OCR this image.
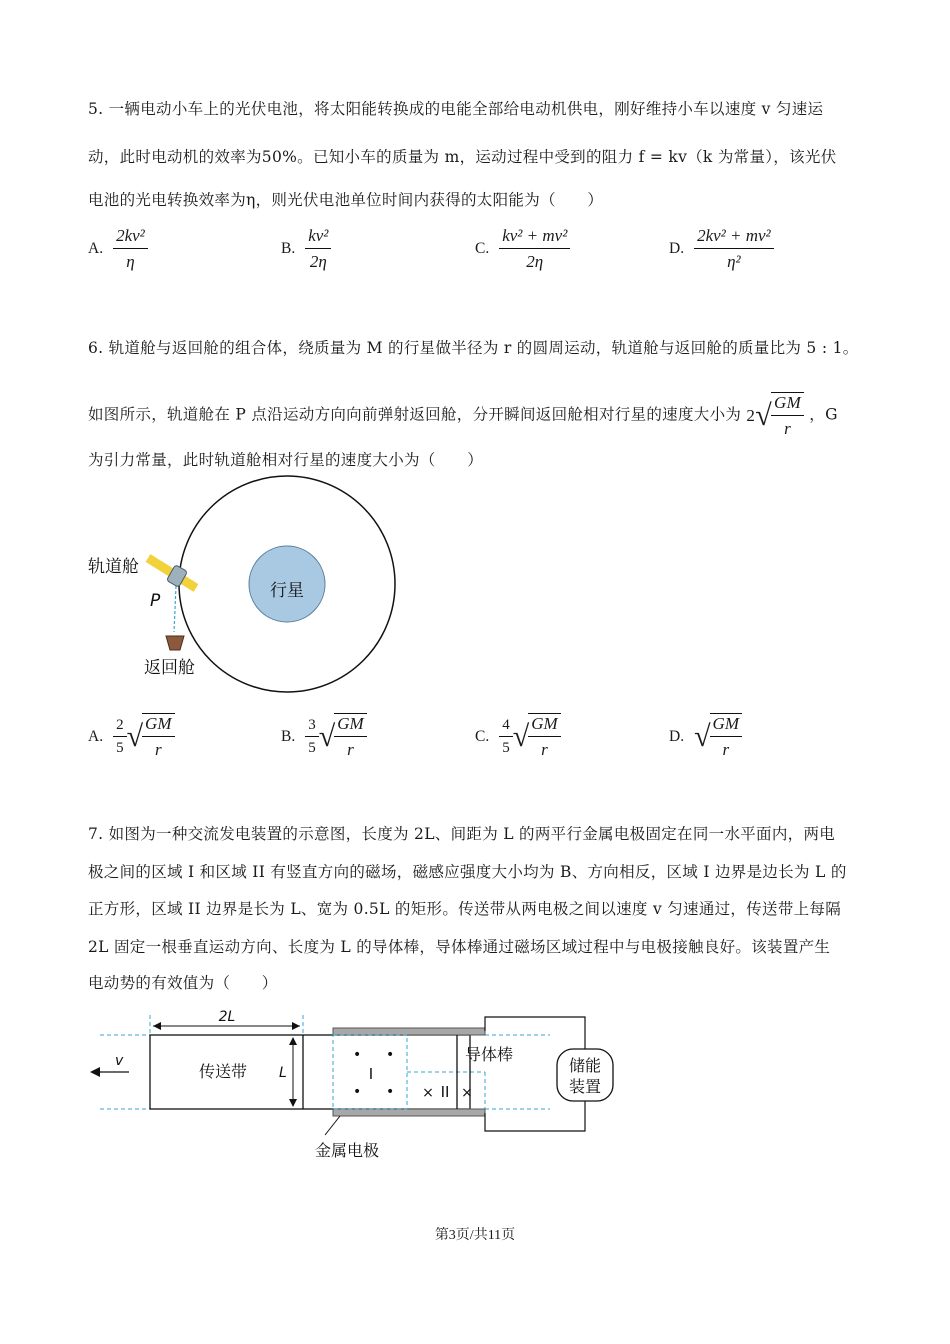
5. 一辆电动小车上的光伏电池，将太阳能转换成的电能全部给电动机供电，刚好维持小车以速度 v 匀速运
动，此时电动机的效率为50%。已知小车的质量为 m，运动过程中受到的阻力 f = kv（k 为常量），该光伏
电池的光电转换效率为η，则光伏电池单位时间内获得的太阳能为（　　）
A. $\frac{\text{2kv²}}{\eta}$	B. $\frac{\text{kv²}}{2\eta}$	C. $\frac{\text{kv² + mv²}}{2\eta}$	D. $\frac{\text{2kv² + mv²}}{\text{η²}}$
6. 轨道舱与返回舱的组合体，绕质量为 M 的行星做半径为 r 的圆周运动，轨道舱与返回舱的质量比为 5 : 1。
如图所示，轨道舱在 P 点沿运动方向向前弹射返回舱，分开瞬间返回舱相对行星的速度大小为 2 √ $\frac{GM}{r}$ ，G
为引力常量，此时轨道舱相对行星的速度大小为（　　）
行星
轨道舱
P
返回舱
A. $\frac{2}{5}$ √ $\frac{GM}{r}$	B. $\frac{3}{5}$ √ $\frac{GM}{r}$	C. $\frac{4}{5}$ √ $\frac{GM}{r}$	D. √ $\frac{GM}{r}$
7. 如图为一种交流发电装置的示意图，长度为 2L、间距为 L 的两平行金属电极固定在同一水平面内，两电
极之间的区域 I 和区域 II 有竖直方向的磁场，磁感应强度大小均为 B、方向相反，区域 I 边界是边长为 L 的
正方形，区域 II 边界是长为 L、宽为 0.5L 的矩形。传送带从两电极之间以速度 v 匀速通过，传送带上每隔
2L 固定一根垂直运动方向、长度为 L 的导体棒，导体棒通过磁场区域过程中与电极接触良好。该装置产生
电动势的有效值为（　　）
2L
v
传送带 L
• •
• •
I
× II ×
导体棒
储能
装置
金属电极
第3页/共11页
